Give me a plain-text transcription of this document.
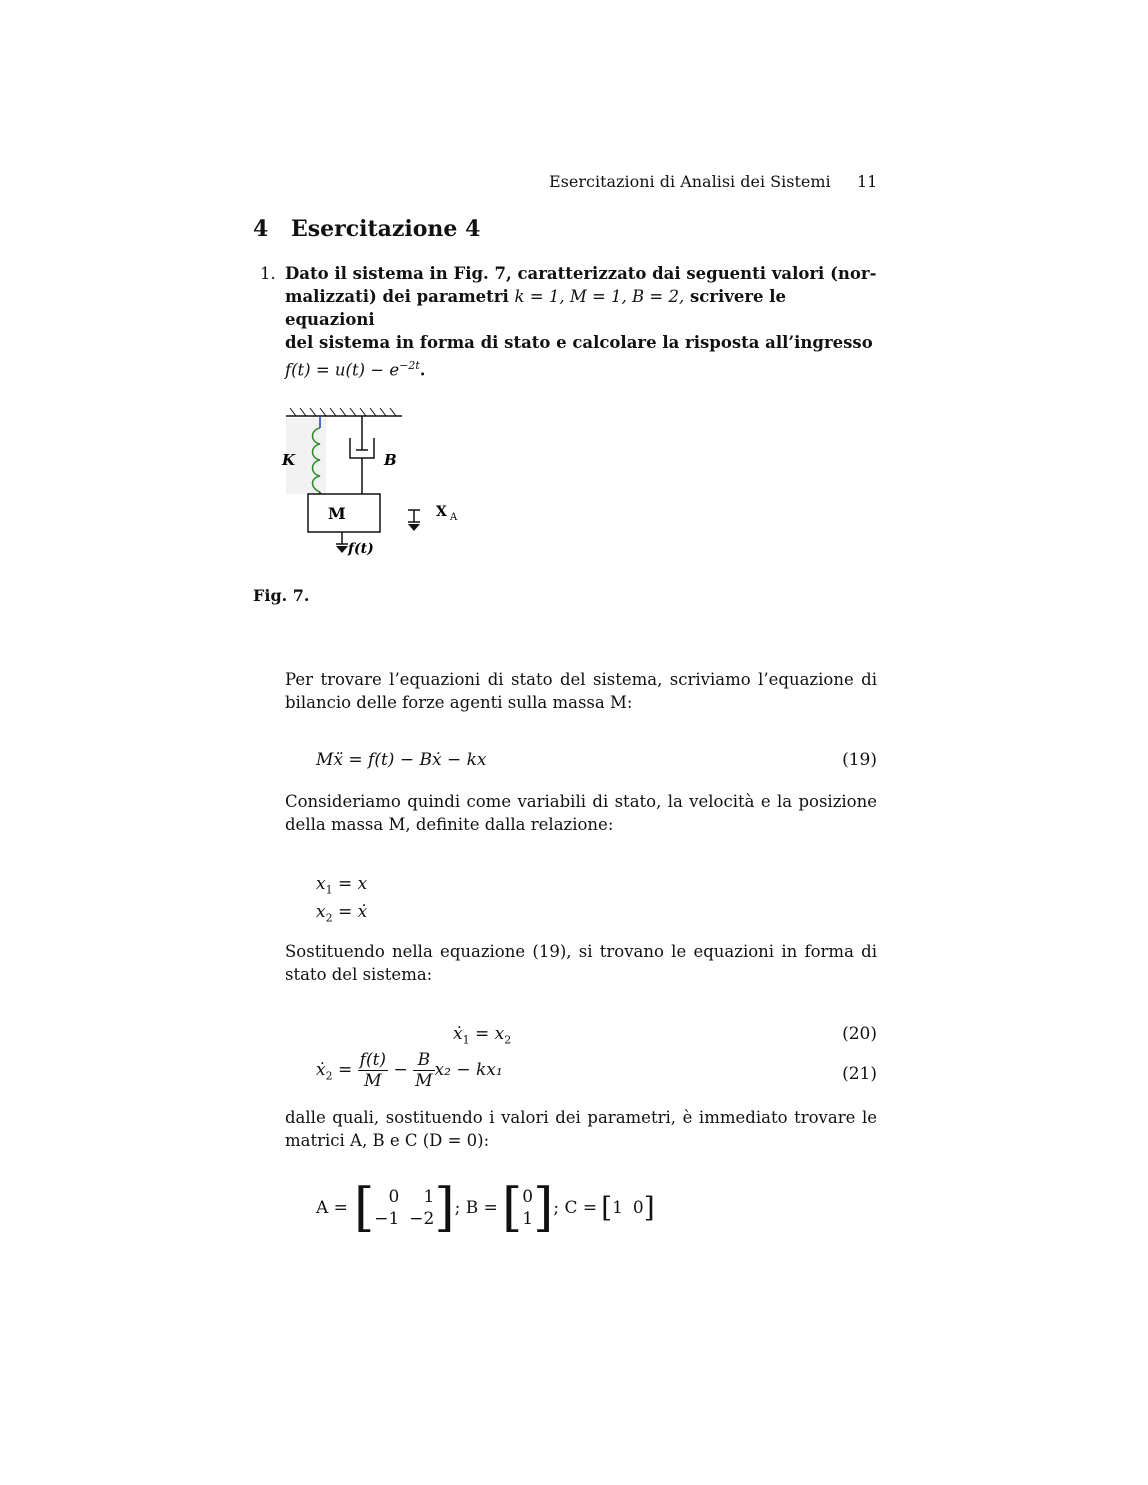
Esercitazioni di Analisi dei Sistemi 11
4 Esercitazione 4
1. Dato il sistema in Fig. 7, caratterizzato dai seguenti valori (nor-
malizzati) dei parametri k = 1, M = 1, B = 2, scrivere le equazioni
del sistema in forma di stato e calcolare la risposta all’ingresso
$f(t) = u(t) - e^{-2t}$.
K	B
M
f(t)
X A
Fig. 7.
Per trovare l’equazioni di stato del sistema, scriviamo l’equazione di bilancio delle forze agenti sulla massa M:
Mẍ = f(t) − Bẋ − kx	(19)
Consideriamo quindi come variabili di stato, la velocità e la posizione della massa M, definite dalla relazione:
$x_1 = x$
$x_2$ = ẋ
Sostituendo nella equazione (19), si trovano le equazioni in forma di stato del sistema:
ẋ$_1$ = $x_2$	(20)
ẋ$_2$ = $\frac{f(t)}{M} - \frac{B}{M} x_2 - kx_1$	(21)
dalle quali, sostituendo i valori dei parametri, è immediato trovare le matrici A, B e C (D = 0):
A = [ 0	1
−1 −2 ] ; B = [ 0
1 ] ; C = [ 1 0 ]
